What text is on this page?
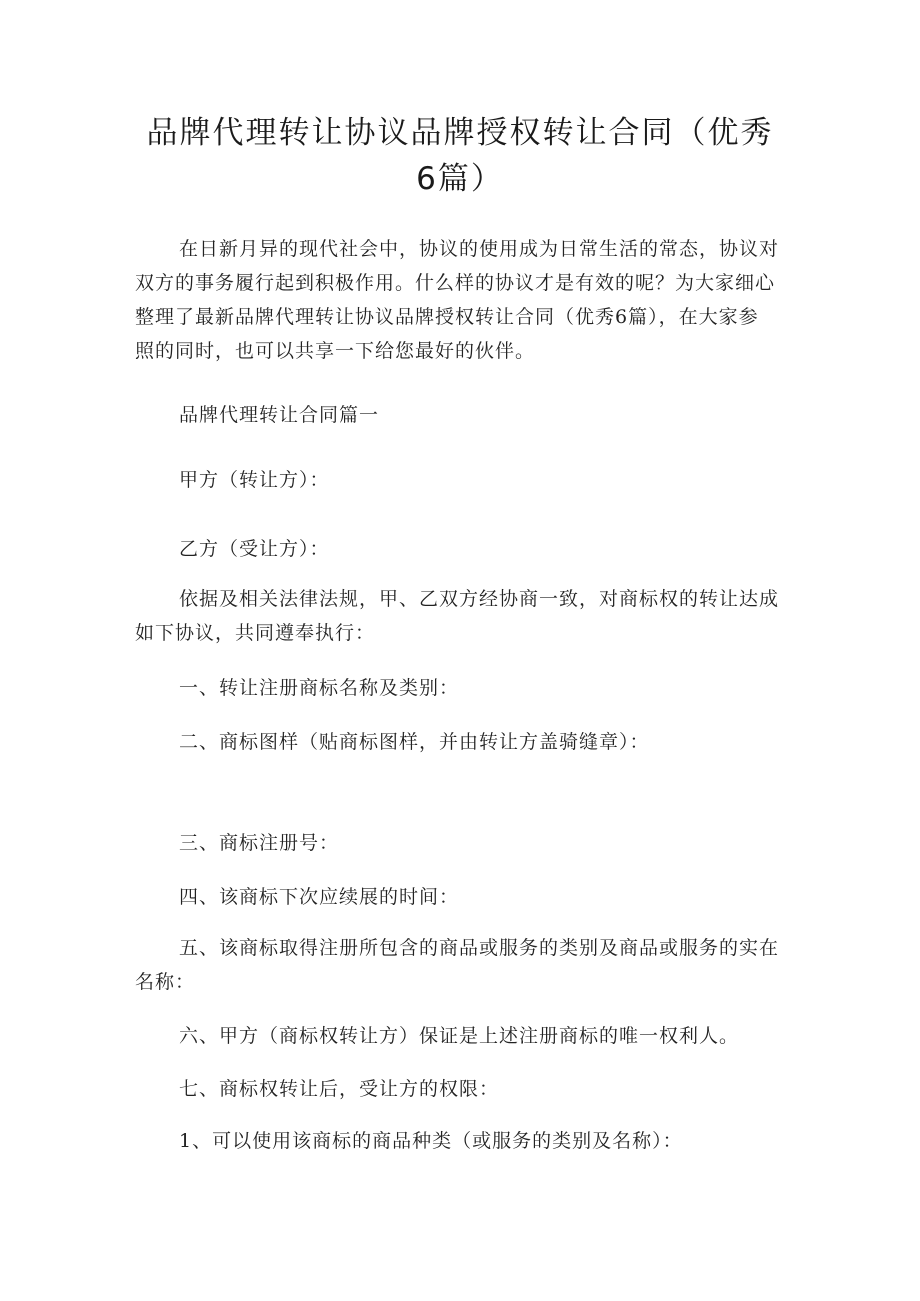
品牌代理转让协议品牌授权转让合同（优秀
6篇）
在日新月异的现代社会中，协议的使用成为日常生活的常态，协议对
双方的事务履行起到积极作用。什么样的协议才是有效的呢？为大家细心
整理了最新品牌代理转让协议品牌授权转让合同（优秀6篇），在大家参
照的同时，也可以共享一下给您最好的伙伴。
品牌代理转让合同篇一
甲方（转让方）：
乙方（受让方）：
依据及相关法律法规，甲、乙双方经协商一致，对商标权的转让达成
如下协议，共同遵奉执行：
一、转让注册商标名称及类别：
二、商标图样（贴商标图样，并由转让方盖骑缝章）：
三、商标注册号：
四、该商标下次应续展的时间：
五、该商标取得注册所包含的商品或服务的类别及商品或服务的实在
名称：
六、甲方（商标权转让方）保证是上述注册商标的唯一权利人。
七、商标权转让后，受让方的权限：
1、可以使用该商标的商品种类（或服务的类别及名称）：
